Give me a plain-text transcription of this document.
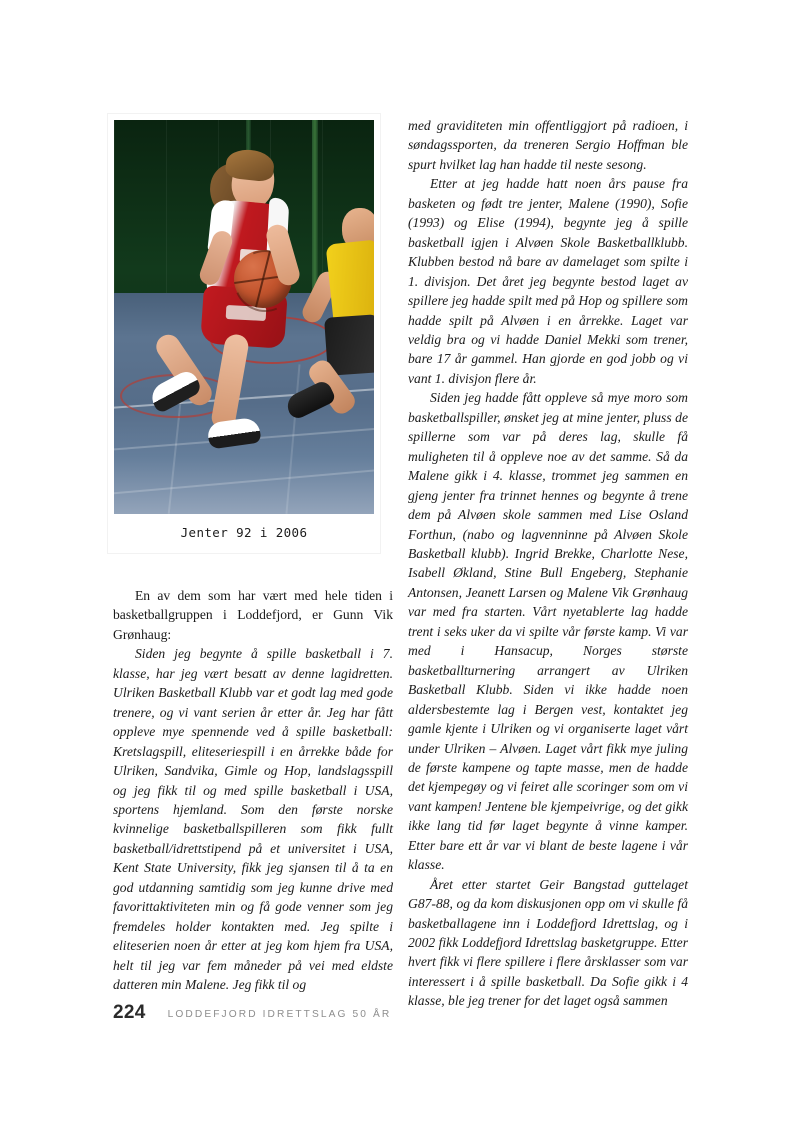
Jenter 92 i 2006

En av dem som har vært med hele tiden i basketballgruppen i Loddefjord, er Gunn Vik Grønhaug:

Siden jeg begynte å spille basketball i 7. klasse, har jeg vært besatt av denne lagidretten. Ulriken Basketball Klubb var et godt lag med gode trenere, og vi vant serien år etter år. Jeg har fått oppleve mye spennende ved å spille basketball: Kretslagspill, eliteseriespill i en årrekke både for Ulriken, Sandvika, Gimle og Hop, landslagsspill og jeg fikk til og med spille basketball i USA, sportens hjemland. Som den første norske kvinnelige basketballspilleren som fikk fullt basketball/idrettstipend på et universitet i USA, Kent State University, fikk jeg sjansen til å ta en god utdanning samtidig som jeg kunne drive med favorittaktiviteten min og få gode venner som jeg fremdeles holder kontakten med. Jeg spilte i eliteserien noen år etter at jeg kom hjem fra USA, helt til jeg var fem måneder på vei med eldste datteren min Malene. Jeg fikk til og

med graviditeten min offentliggjort på radioen, i søndagssporten, da treneren Sergio Hoffman ble spurt hvilket lag han hadde til neste sesong.

Etter at jeg hadde hatt noen års pause fra basketen og født tre jenter, Malene (1990), Sofie (1993) og Elise (1994), begynte jeg å spille basketball igjen i Alvøen Skole Basketballklubb. Klubben bestod nå bare av damelaget som spilte i 1. divisjon. Det året jeg begynte bestod laget av spillere jeg hadde spilt med på Hop og spillere som hadde spilt på Alvøen i en årrekke. Laget var veldig bra og vi hadde Daniel Mekki som trener, bare 17 år gammel. Han gjorde en god jobb og vi vant 1. divisjon flere år.

Siden jeg hadde fått oppleve så mye moro som basketballspiller, ønsket jeg at mine jenter, pluss de spillerne som var på deres lag, skulle få muligheten til å oppleve noe av det samme. Så da Malene gikk i 4. klasse, trommet jeg sammen en gjeng jenter fra trinnet hennes og begynte å trene dem på Alvøen skole sammen med Lise Osland Forthun, (nabo og lagvenninne på Alvøen Skole Basketball klubb). Ingrid Brekke, Charlotte Nese, Isabell Økland, Stine Bull Engeberg, Stephanie Antonsen, Jeanett Larsen og Malene Vik Grønhaug var med fra starten. Vårt nyetablerte lag hadde trent i seks uker da vi spilte vår første kamp. Vi var med i Hansacup, Norges største basketballturnering arrangert av Ulriken Basketball Klubb. Siden vi ikke hadde noen aldersbestemte lag i Bergen vest, kontaktet jeg gamle kjente i Ulriken og vi organiserte laget vårt under Ulriken – Alvøen. Laget vårt fikk mye juling de første kampene og tapte masse, men de hadde det kjempegøy og vi feiret alle scoringer som om vi vant kampen! Jentene ble kjempeivrige, og det gikk ikke lang tid før laget begynte å vinne kamper. Etter bare ett år var vi blant de beste lagene i vår klasse.

Året etter startet Geir Bangstad guttelaget G87-88, og da kom diskusjonen opp om vi skulle få basketballagene inn i Loddefjord Idrettslag, og i 2002 fikk Loddefjord Idrettslag basketgruppe. Etter hvert fikk vi flere spillere i flere årsklasser som var interessert i å spille basketball. Da Sofie gikk i 4 klasse, ble jeg trener for det laget også sammen

224 LODDEFJORD IDRETTSLAG 50 ÅR
